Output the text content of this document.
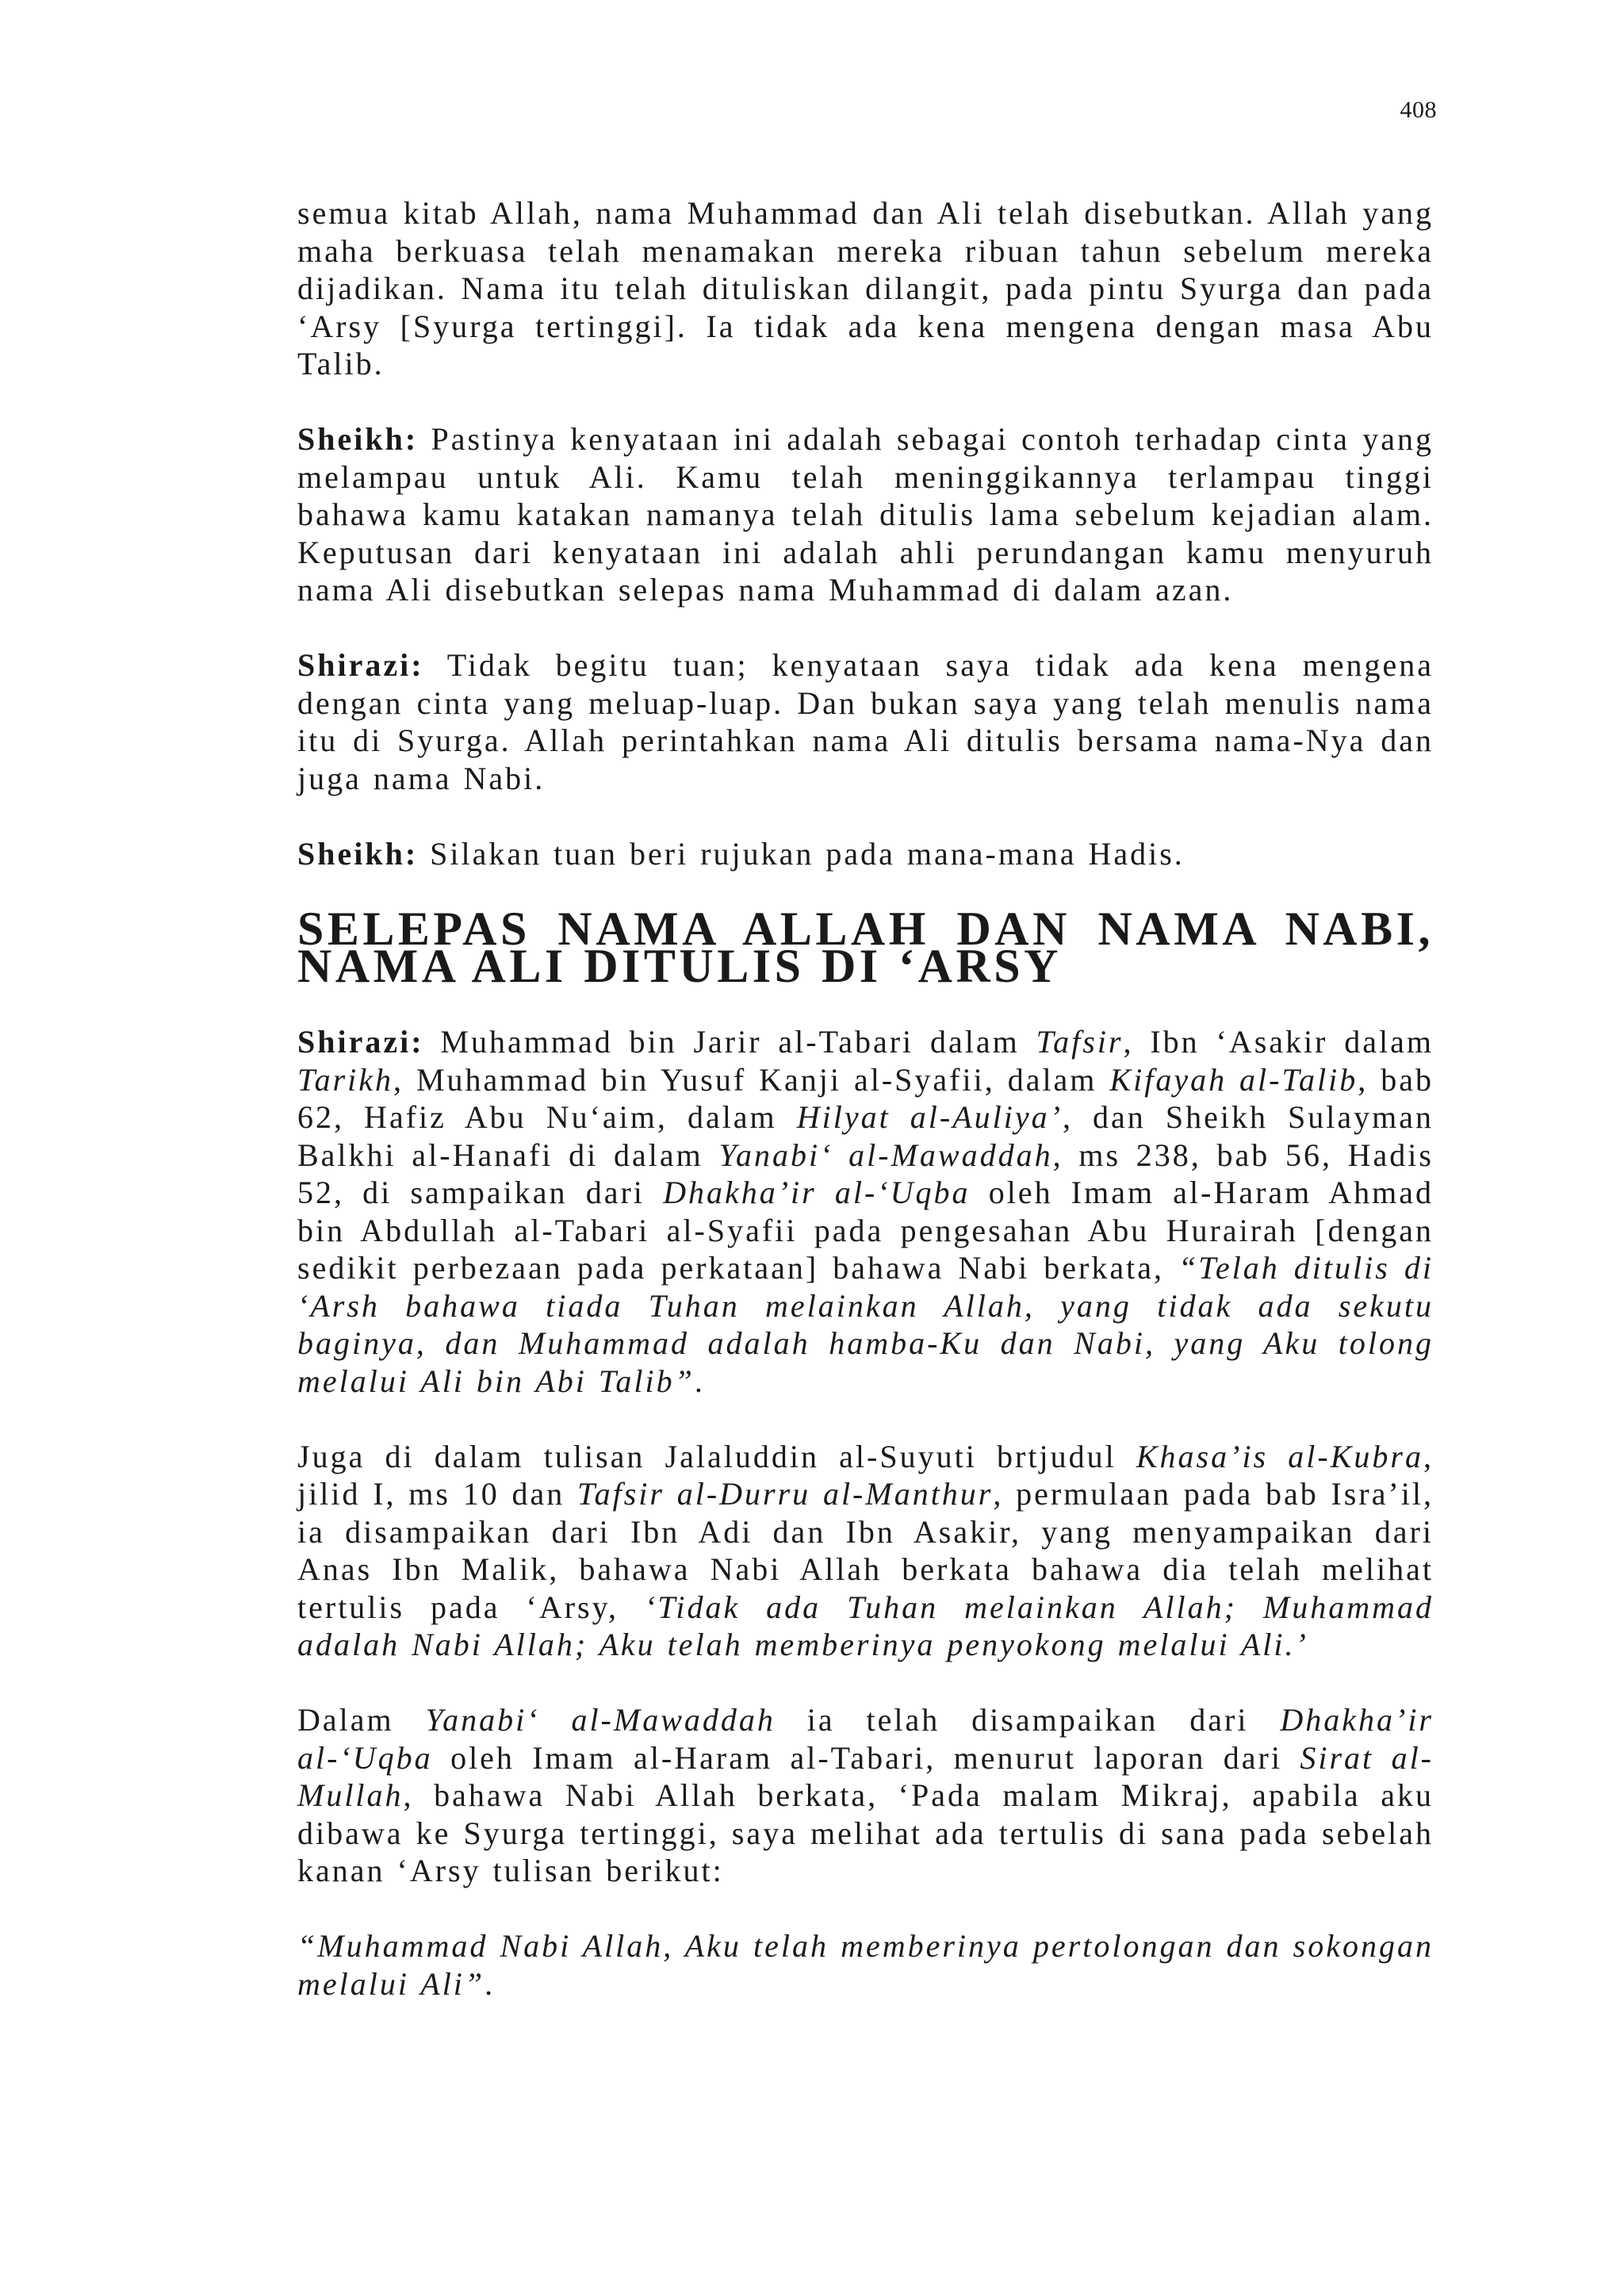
408

semua kitab Allah, nama Muhammad dan Ali telah disebutkan. Allah yang maha berkuasa telah menamakan mereka ribuan tahun sebelum mereka dijadikan. Nama itu telah dituliskan dilangit, pada pintu Syurga dan pada ‘Arsy [Syurga tertinggi]. Ia tidak ada kena mengena dengan masa Abu Talib.

Sheikh: Pastinya kenyataan ini adalah sebagai contoh terhadap cinta yang melampau untuk Ali. Kamu telah meninggikannya terlampau tinggi bahawa kamu katakan namanya telah ditulis lama sebelum kejadian alam. Keputusan dari kenyataan ini adalah ahli perundangan kamu menyuruh nama Ali disebutkan selepas nama Muhammad di dalam azan.

Shirazi: Tidak begitu tuan; kenyataan saya tidak ada kena mengena dengan cinta yang meluap-luap. Dan bukan saya yang telah menulis nama itu di Syurga. Allah perintahkan nama Ali ditulis bersama nama-Nya dan juga nama Nabi.

Sheikh: Silakan tuan beri rujukan pada mana-mana Hadis.

SELEPAS NAMA ALLAH DAN NAMA NABI, NAMA ALI DITULIS DI ‘ARSY

Shirazi: Muhammad bin Jarir al-Tabari dalam Tafsir, Ibn ‘Asakir dalam Tarikh, Muhammad bin Yusuf Kanji al-Syafii, dalam Kifayah al-Talib, bab 62, Hafiz Abu Nu‘aim, dalam Hilyat al-Auliya’, dan Sheikh Sulayman Balkhi al-Hanafi di dalam Yanabi‘ al-Mawaddah, ms 238, bab 56, Hadis 52, di sampaikan dari Dhakha’ir al-‘Uqba oleh Imam al-Haram Ahmad bin Abdullah al-Tabari al-Syafii pada pengesahan Abu Hurairah [dengan sedikit perbezaan pada perkataan] bahawa Nabi berkata, “Telah ditulis di ‘Arsh bahawa tiada Tuhan melainkan Allah, yang tidak ada sekutu baginya, dan Muhammad adalah hamba-Ku dan Nabi, yang Aku tolong melalui Ali bin Abi Talib”.

Juga di dalam tulisan Jalaluddin al-Suyuti brtjudul Khasa’is al-Kubra, jilid I, ms 10 dan Tafsir al-Durru al-Manthur, permulaan pada bab Isra’il, ia disampaikan dari Ibn Adi dan Ibn Asakir, yang menyampaikan dari Anas Ibn Malik, bahawa Nabi Allah berkata bahawa dia telah melihat tertulis pada ‘Arsy, ‘Tidak ada Tuhan melainkan Allah; Muhammad adalah Nabi Allah; Aku telah memberinya penyokong melalui Ali.’

Dalam Yanabi‘ al-Mawaddah ia telah disampaikan dari Dhakha’ir al-‘Uqba oleh Imam al-Haram al-Tabari, menurut laporan dari Sirat al-Mullah, bahawa Nabi Allah berkata, ‘Pada malam Mikraj, apabila aku dibawa ke Syurga tertinggi, saya melihat ada tertulis di sana pada sebelah kanan ‘Arsy tulisan berikut:

“Muhammad Nabi Allah, Aku telah memberinya pertolongan dan sokongan melalui Ali”.
